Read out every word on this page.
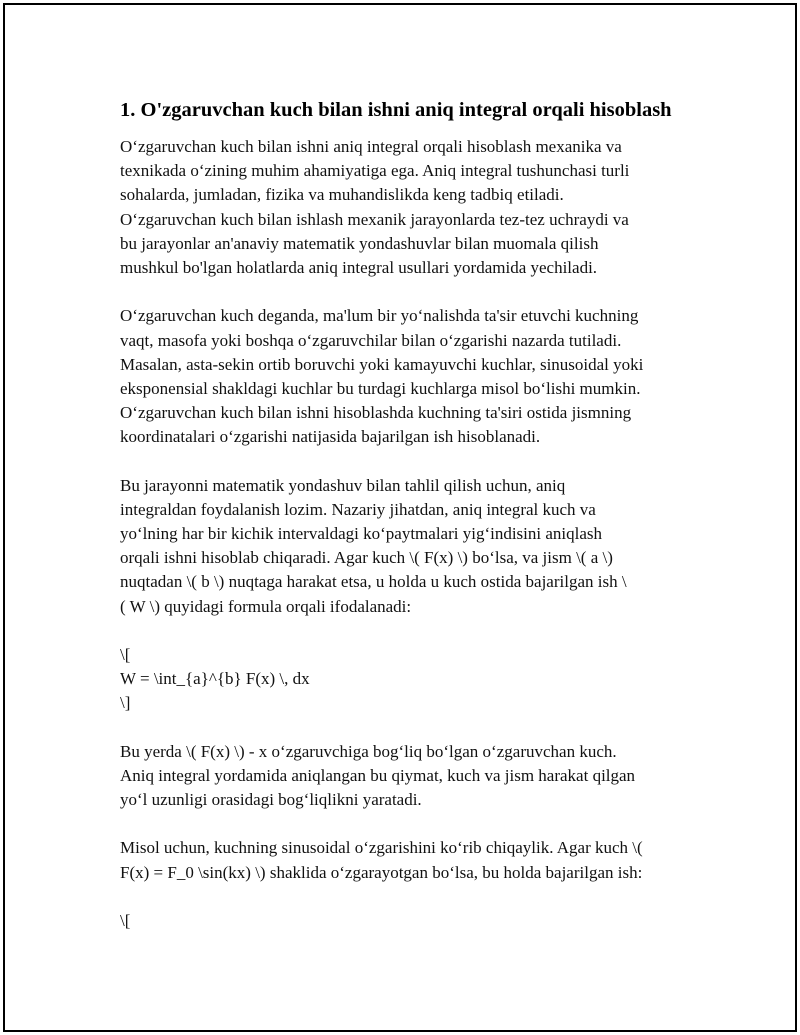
1. O'zgaruvchan kuch bilan ishni aniq integral orqali hisoblash
O‘zgaruvchan kuch bilan ishni aniq integral orqali hisoblash mexanika va
texnikada o‘zining muhim ahamiyatiga ega. Aniq integral tushunchasi turli
sohalarda, jumladan, fizika va muhandislikda keng tadbiq etiladi.
O‘zgaruvchan kuch bilan ishlash mexanik jarayonlarda tez-tez uchraydi va
bu jarayonlar an'anaviy matematik yondashuvlar bilan muomala qilish
mushkul bo'lgan holatlarda aniq integral usullari yordamida yechiladi.
O‘zgaruvchan kuch deganda, ma'lum bir yo‘nalishda ta'sir etuvchi kuchning
vaqt, masofa yoki boshqa o‘zgaruvchilar bilan o‘zgarishi nazarda tutiladi.
Masalan, asta-sekin ortib boruvchi yoki kamayuvchi kuchlar, sinusoidal yoki
eksponensial shakldagi kuchlar bu turdagi kuchlarga misol bo‘lishi mumkin.
O‘zgaruvchan kuch bilan ishni hisoblashda kuchning ta'siri ostida jismning
koordinatalari o‘zgarishi natijasida bajarilgan ish hisoblanadi.
Bu jarayonni matematik yondashuv bilan tahlil qilish uchun, aniq
integraldan foydalanish lozim. Nazariy jihatdan, aniq integral kuch va
yo‘lning har bir kichik intervaldagi ko‘paytmalari yig‘indisini aniqlash
orqali ishni hisoblab chiqaradi. Agar kuch \( F(x) \) bo‘lsa, va jism \( a \)
nuqtadan \( b \) nuqtaga harakat etsa, u holda u kuch ostida bajarilgan ish \
( W \) quyidagi formula orqali ifodalanadi:
\[
W = \int_{a}^{b} F(x) \, dx
\]
Bu yerda \( F(x) \) - x o‘zgaruvchiga bog‘liq bo‘lgan o‘zgaruvchan kuch.
Aniq integral yordamida aniqlangan bu qiymat, kuch va jism harakat qilgan
yo‘l uzunligi orasidagi bog‘liqlikni yaratadi.
Misol uchun, kuchning sinusoidal o‘zgarishini ko‘rib chiqaylik. Agar kuch \(
F(x) = F_0 \sin(kx) \) shaklida o‘zgarayotgan bo‘lsa, bu holda bajarilgan ish:
\[
